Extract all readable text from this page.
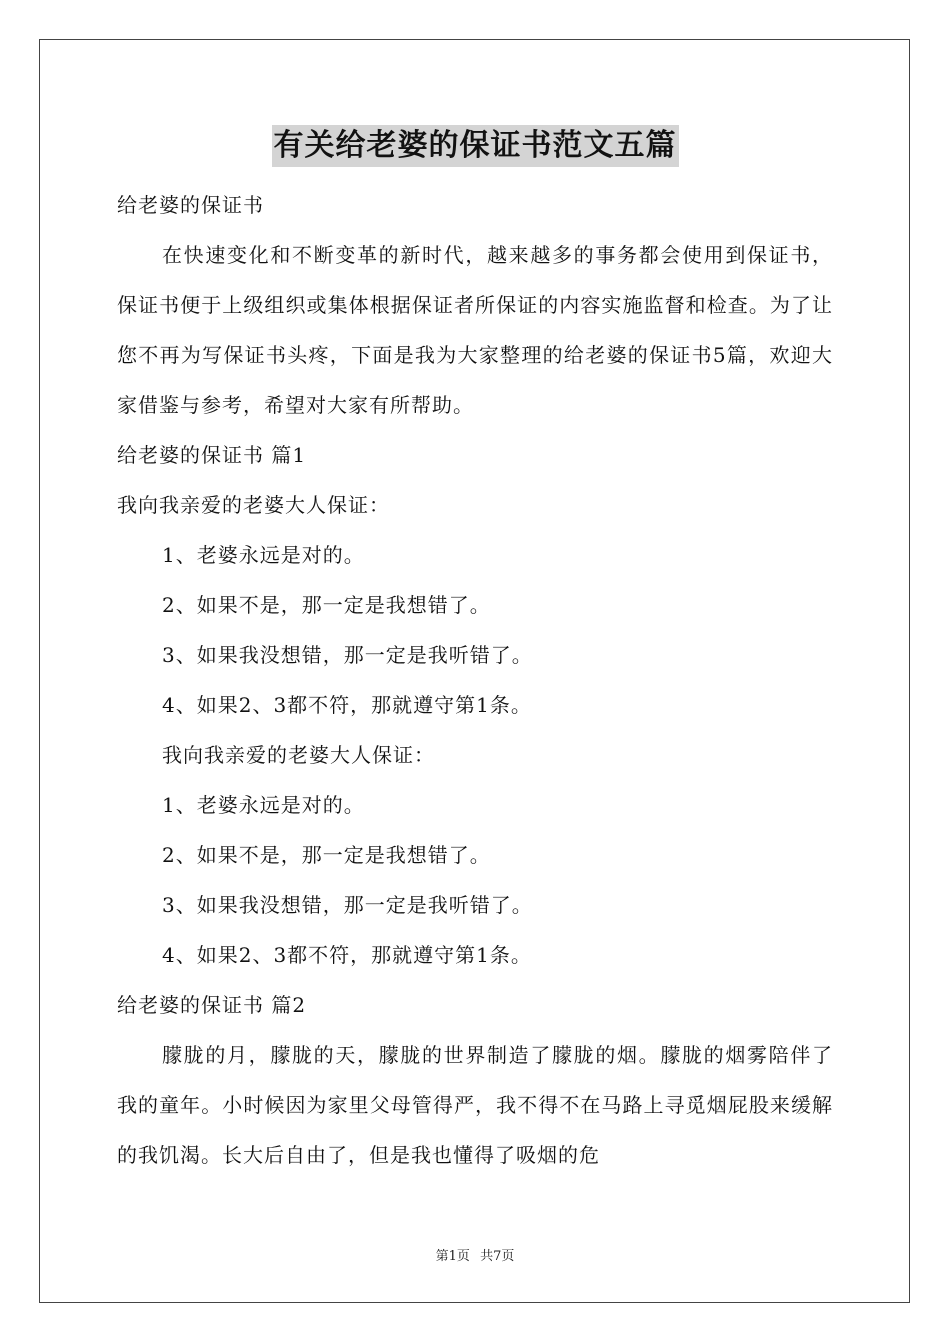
有关给老婆的保证书范文五篇

给老婆的保证书

在快速变化和不断变革的新时代，越来越多的事务都会使用到保证书，保证书便于上级组织或集体根据保证者所保证的内容实施监督和检查。为了让您不再为写保证书头疼，下面是我为大家整理的给老婆的保证书5篇，欢迎大家借鉴与参考，希望对大家有所帮助。

给老婆的保证书 篇1

我向我亲爱的老婆大人保证：

1、老婆永远是对的。

2、如果不是，那一定是我想错了。

3、如果我没想错，那一定是我听错了。

4、如果2、3都不符，那就遵守第1条。

我向我亲爱的老婆大人保证：

1、老婆永远是对的。

2、如果不是，那一定是我想错了。

3、如果我没想错，那一定是我听错了。

4、如果2、3都不符，那就遵守第1条。

给老婆的保证书 篇2

朦胧的月，朦胧的天，朦胧的世界制造了朦胧的烟。朦胧的烟雾陪伴了我的童年。小时候因为家里父母管得严，我不得不在马路上寻觅烟屁股来缓解的我饥渴。长大后自由了，但是我也懂得了吸烟的危

第1页 共7页
